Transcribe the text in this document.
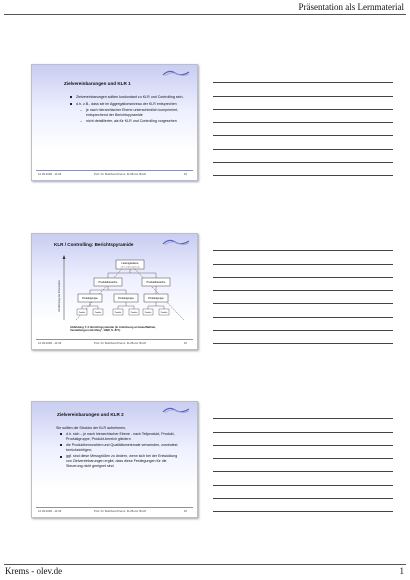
Präsentation als Lernmaterial
Zielvereinbarungen und KLR 1
Zielvereinbarungen sollten konkordant zu KLR und Controlling sein,
d.h. z.B., dass sie im Aggregationsniveau der KLR entsprechen
– je nach hierarchischer Ebene unterschiedlich komprimiert, entsprechend der Berichtspyramide
– nicht detaillierter, als für KLR und Controlling vorgesehen
12.09.2006 - 11:06	Prof. Dr. Burkhard Krems, FH Bund, Brühl	15
KLR / Controlling: Berichtspyramide
Verdichtung der Information
Leitungsebene
z.B. Landesregierung
Produktbereiche	Produktbereiche
Produktgruppe	Produktgruppe	Produktgruppe
Produkt	Produkt	Produkt	Produkt	Produkt	Produkt
Abbildung 7-4: Berichtspyramide (in Anlehnung an Haas/Nathan, Verwaltungscontrolling², 1998, S. 87f.)
12.09.2006 - 11:06	Prof. Dr. Burkhard Krems, FH Bund, Brühl	16
Zielvereinbarungen und KLR 2
Sie sollten die Struktur der KLR aufnehmen,
d.h. sich – je nach hierarchischer Ebene - nach Teilprodukt, Produkt, Produktgruppe, Produkt-bereich gliedern
die Produktkennzahlen und Qualitätsmerkmale verwenden, zumindest berücksichtigen;
ggf. sind diese Messgrößen zu ändern, wenn sich bei der Entwicklung von Zielvereinbarungen ergibt, dass diese Festlegungen für die Steuerung nicht geeignet sind.
12.09.2006 - 11:06	Prof. Dr. Burkhard Krems, FH Bund, Brühl	16
Krems - olev.de	1
